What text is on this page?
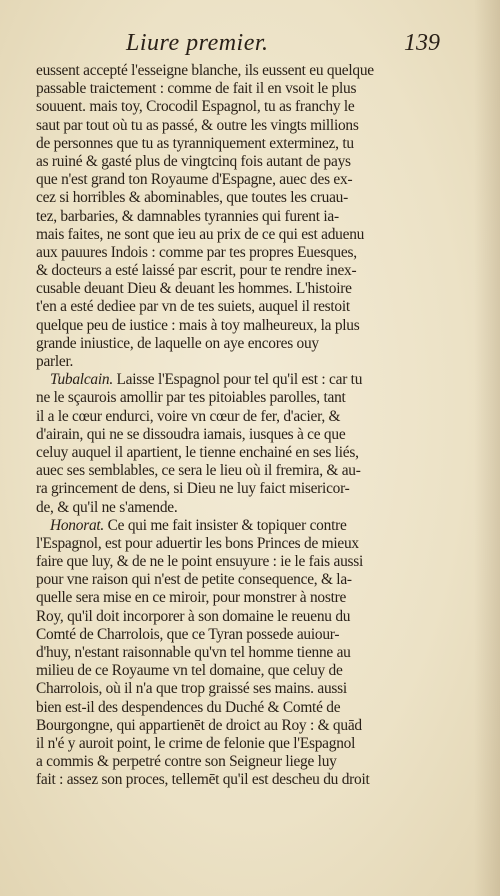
Liure premier.	139
eussent accepté l'esseigne blanche, ils eussent eu quelque
passable traictement : comme de fait il en vsoit le plus
souuent. mais toy, Crocodil Espagnol, tu as franchy le
saut par tout où tu as passé, & outre les vingts millions
de personnes que tu as tyranniquement exterminez, tu
as ruiné & gasté plus de vingtcinq fois autant de pays
que n'est grand ton Royaume d'Espagne, auec des ex-
cez si horribles & abominables, que toutes les cruau-
tez, barbaries, & damnables tyrannies qui furent ia-
mais faites, ne sont que ieu au prix de ce qui est aduenu
aux pauures Indois : comme par tes propres Euesques,
& docteurs a esté laissé par escrit, pour te rendre inex-
cusable deuant Dieu & deuant les hommes. L'histoire
t'en a esté dediee par vn de tes suiets, auquel il restoit
quelque peu de iustice : mais à toy malheureux, la plus
grande iniustice, de laquelle on aye encores ouy
parler.
Tubalcain. Laisse l'Espagnol pour tel qu'il est : car tu
ne le sçaurois amollir par tes pitoiables parolles, tant
il a le cœur endurci, voire vn cœur de fer, d'acier, &
d'airain, qui ne se dissoudra iamais, iusques à ce que
celuy auquel il apartient, le tienne enchainé en ses liés,
auec ses semblables, ce sera le lieu où il fremira, & au-
ra grincement de dens, si Dieu ne luy faict misericor-
de, & qu'il ne s'amende.
Honorat. Ce qui me fait insister & topiquer contre
l'Espagnol, est pour aduertir les bons Princes de mieux
faire que luy, & de ne le point ensuyure : ie le fais aussi
pour vne raison qui n'est de petite consequence, & la-
quelle sera mise en ce miroir, pour monstrer à nostre
Roy, qu'il doit incorporer à son domaine le reuenu du
Comté de Charrolois, que ce Tyran possede auiour-
d'huy, n'estant raisonnable qu'vn tel homme tienne au
milieu de ce Royaume vn tel domaine, que celuy de
Charrolois, où il n'a que trop graissé ses mains. aussi
bien est-il des despendences du Duché & Comté de
Bourgongne, qui appartienēt de droict au Roy : & quād
il n'é y auroit point, le crime de felonie que l'Espagnol
a commis & perpetré contre son Seigneur liege luy
fait : assez son proces, tellemēt qu'il est descheu du droit
